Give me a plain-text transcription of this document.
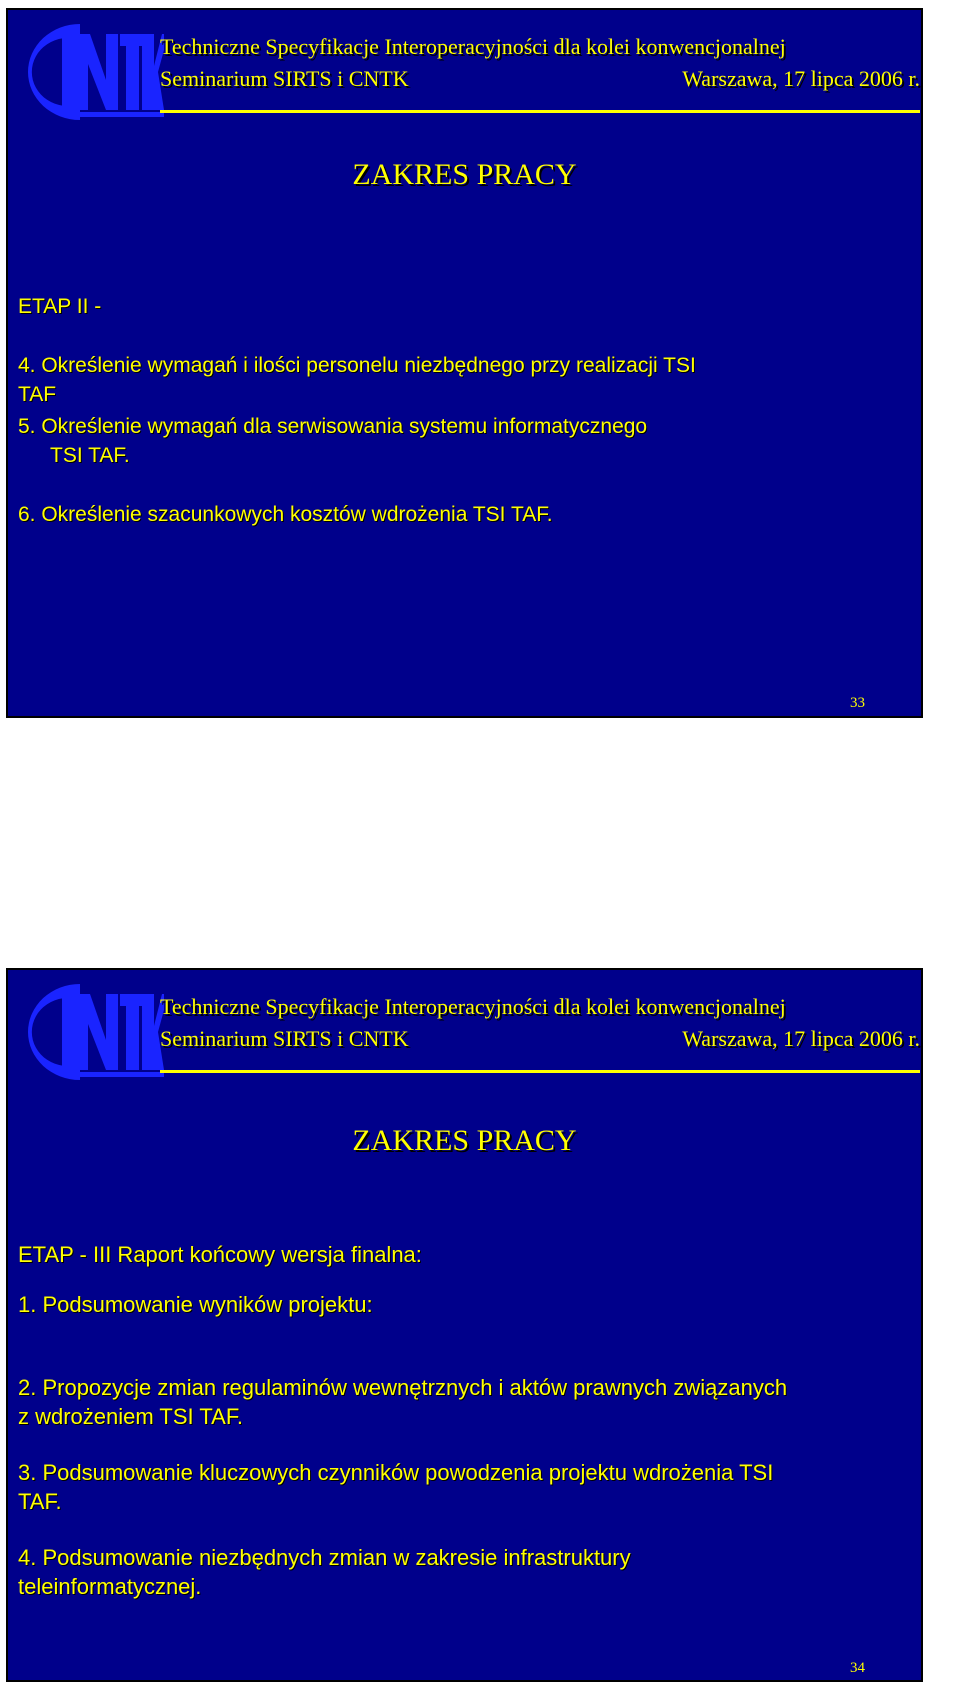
CNTK
Techniczne Specyfikacje Interoperacyjności dla kolei konwencjonalnej
Seminarium SIRTS i CNTK	Warszawa, 17 lipca 2006 r.
ZAKRES PRACY
ETAP II -
4. Określenie wymagań i ilości personelu niezbędnego przy realizacji TSI
TAF
5. Określenie wymagań dla serwisowania systemu informatycznego
TSI TAF.
6. Określenie szacunkowych kosztów wdrożenia TSI TAF.
33
CNTK
Techniczne Specyfikacje Interoperacyjności dla kolei konwencjonalnej
Seminarium SIRTS i CNTK	Warszawa, 17 lipca 2006 r.
ZAKRES PRACY
ETAP - III Raport końcowy wersja finalna:
1. Podsumowanie wyników projektu:
2. Propozycje zmian regulaminów wewnętrznych i aktów prawnych związanych
z wdrożeniem TSI TAF.
3. Podsumowanie kluczowych czynników powodzenia projektu wdrożenia TSI
TAF.
4. Podsumowanie niezbędnych zmian w zakresie infrastruktury
teleinformatycznej.
34
